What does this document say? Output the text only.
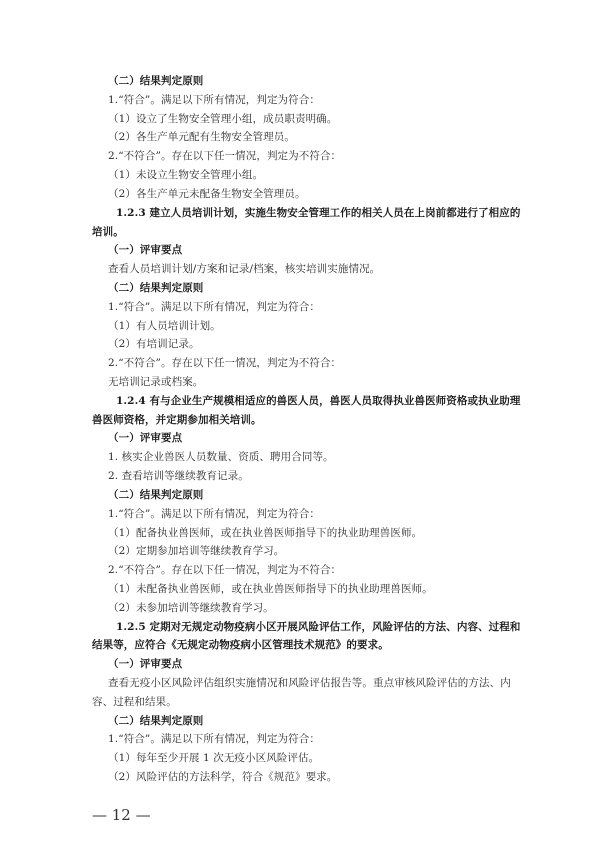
（二）结果判定原则
1.“符合”。满足以下所有情况，判定为符合：
（1）设立了生物安全管理小组，成员职责明确。
（2）各生产单元配有生物安全管理员。
2.“不符合”。存在以下任一情况，判定为不符合：
（1）未设立生物安全管理小组。
（2）各生产单元未配备生物安全管理员。
1.2.3 建立人员培训计划，实施生物安全管理工作的相关人员在上岗前都进行了相应的
培训。
（一）评审要点
查看人员培训计划/方案和记录/档案，核实培训实施情况。
（二）结果判定原则
1.“符合”。满足以下所有情况，判定为符合：
（1）有人员培训计划。
（2）有培训记录。
2.“不符合”。存在以下任一情况，判定为不符合：
无培训记录或档案。
1.2.4 有与企业生产规模相适应的兽医人员，兽医人员取得执业兽医师资格或执业助理
兽医师资格，并定期参加相关培训。
（一）评审要点
1. 核实企业兽医人员数量、资质、聘用合同等。
2. 查看培训等继续教育记录。
（二）结果判定原则
1.“符合”。满足以下所有情况，判定为符合：
（1）配备执业兽医师，或在执业兽医师指导下的执业助理兽医师。
（2）定期参加培训等继续教育学习。
2.“不符合”。存在以下任一情况，判定为不符合：
（1）未配备执业兽医师，或在执业兽医师指导下的执业助理兽医师。
（2）未参加培训等继续教育学习。
1.2.5 定期对无规定动物疫病小区开展风险评估工作，风险评估的方法、内容、过程和
结果等，应符合《无规定动物疫病小区管理技术规范》的要求。
（一）评审要点
查看无疫小区风险评估组织实施情况和风险评估报告等。重点审核风险评估的方法、内
容、过程和结果。
（二）结果判定原则
1.“符合”。满足以下所有情况，判定为符合：
（1）每年至少开展 1 次无疫小区风险评估。
（2）风险评估的方法科学，符合《规范》要求。
— 12 —
